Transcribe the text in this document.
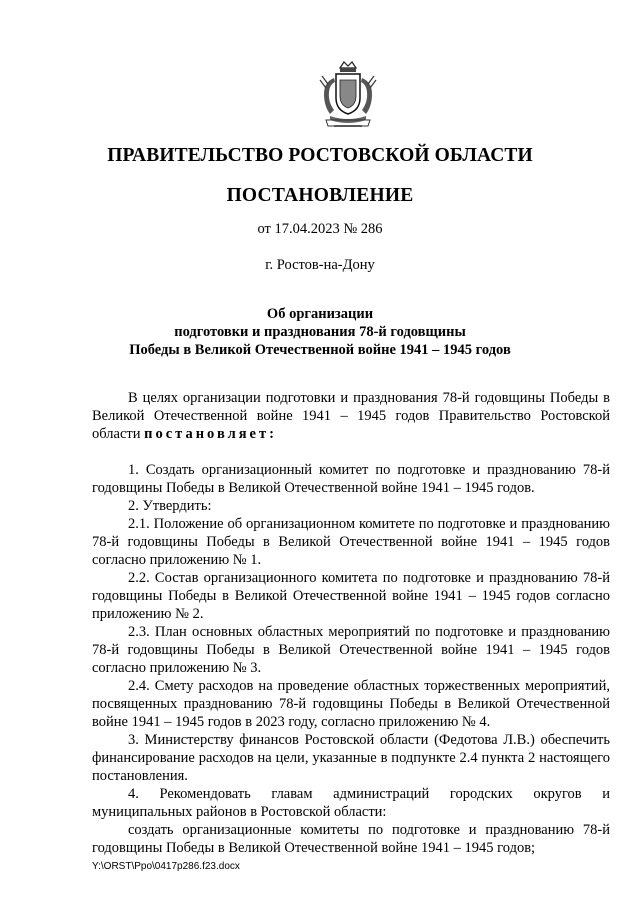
ПРАВИТЕЛЬСТВО РОСТОВСКОЙ ОБЛАСТИ
ПОСТАНОВЛЕНИЕ
от 17.04.2023 № 286
г. Ростов-на-Дону
Об организации
подготовки и празднования 78-й годовщины
Победы в Великой Отечественной войне 1941 – 1945 годов

В целях организации подготовки и празднования 78-й годовщины Победы в Великой Отечественной войне 1941 – 1945 годов Правительство Ростовской области постановляет:

1. Создать организационный комитет по подготовке и празднованию 78-й годовщины Победы в Великой Отечественной войне 1941 – 1945 годов.

2. Утвердить:

2.1. Положение об организационном комитете по подготовке и празднованию 78-й годовщины Победы в Великой Отечественной войне 1941 – 1945 годов согласно приложению № 1.

2.2. Состав организационного комитета по подготовке и празднованию 78-й годовщины Победы в Великой Отечественной войне 1941 – 1945 годов согласно приложению № 2.

2.3. План основных областных мероприятий по подготовке и празднованию 78-й годовщины Победы в Великой Отечественной войне 1941 – 1945 годов согласно приложению № 3.

2.4. Смету расходов на проведение областных торжественных мероприятий, посвященных празднованию 78-й годовщины Победы в Великой Отечественной войне 1941 – 1945 годов в 2023 году, согласно приложению № 4.

3. Министерству финансов Ростовской области (Федотова Л.В.) обеспечить финансирование расходов на цели, указанные в подпункте 2.4 пункта 2 настоящего постановления.

4. Рекомендовать главам администраций городских округов и муниципальных районов в Ростовской области:

создать организационные комитеты по подготовке и празднованию 78-й годовщины Победы в Великой Отечественной войне 1941 – 1945 годов;

Y:\ORST\Ppo\0417p286.f23.docx
